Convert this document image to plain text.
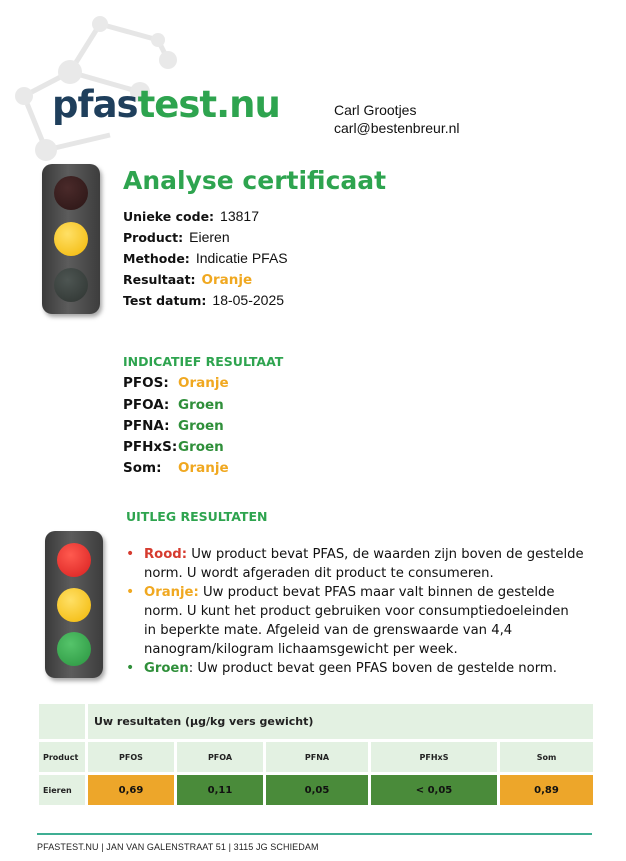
pfastest.nu	Carl Grootjes
carl@bestenbreur.nl
Analyse certificaat
Unieke code: 13817
Product: Eieren
Methode: Indicatie PFAS
Resultaat: Oranje
Test datum: 18-05-2025
INDICATIEF RESULTAAT
PFOS: Oranje
PFOA: Groen
PFNA: Groen
PFHxS:Groen
Som: Oranje
UITLEG RESULTATEN
• Rood: Uw product bevat PFAS, de waarden zijn boven de gestelde norm. U wordt afgeraden dit product te consumeren.
• Oranje: Uw product bevat PFAS maar valt binnen de gestelde norm. U kunt het product gebruiken voor consumptiedoeleinden in beperkte mate. Afgeleid van de grenswaarde van 4,4 nanogram/kilogram lichaamsgewicht per week.
• Groen: Uw product bevat geen PFAS boven de gestelde norm.
	Uw resultaten (µg/kg vers gewicht)				
Product	PFOS	PFOA	PFNA	PFHxS	Som
Eieren	0,69	0,11	0,05	< 0,05	0,89
PFASTEST.NU | JAN VAN GALENSTRAAT 51 | 3115 JG SCHIEDAM
